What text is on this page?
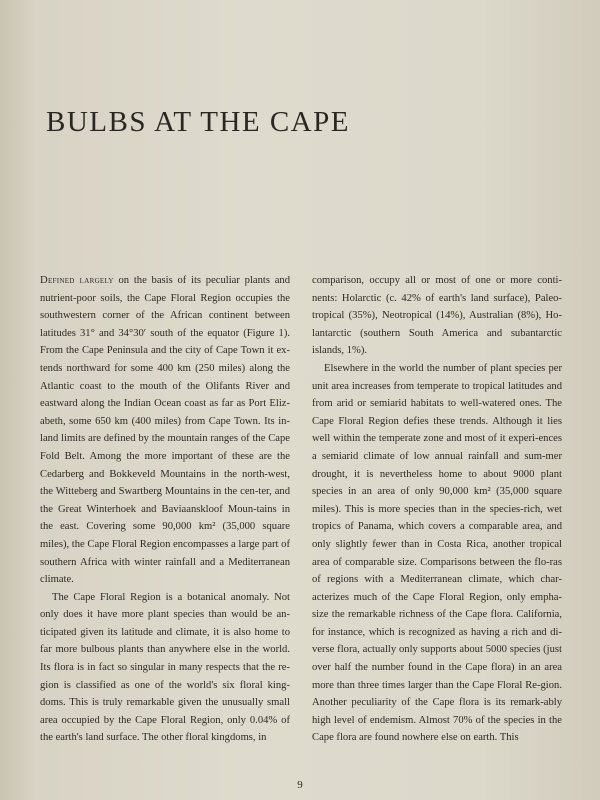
BULBS AT THE CAPE

Defined largely on the basis of its peculiar plants and nutrient-poor soils, the Cape Floral Region occupies the southwestern corner of the African continent between latitudes 31° and 34°30′ south of the equator (Figure 1). From the Cape Peninsula and the city of Cape Town it ex-tends northward for some 400 km (250 miles) along the Atlantic coast to the mouth of the Olifants River and eastward along the Indian Ocean coast as far as Port Eliz-abeth, some 650 km (400 miles) from Cape Town. Its in-land limits are defined by the mountain ranges of the Cape Fold Belt. Among the more important of these are the Cedarberg and Bokkeveld Mountains in the north-west, the Witteberg and Swartberg Mountains in the cen-ter, and the Great Winterhoek and Baviaanskloof Moun-tains in the east. Covering some 90,000 km² (35,000 square miles), the Cape Floral Region encompasses a large part of southern Africa with winter rainfall and a Mediterranean climate.

The Cape Floral Region is a botanical anomaly. Not only does it have more plant species than would be an-ticipated given its latitude and climate, it is also home to far more bulbous plants than anywhere else in the world. Its flora is in fact so singular in many respects that the re-gion is classified as one of the world's six floral king-doms. This is truly remarkable given the unusually small area occupied by the Cape Floral Region, only 0.04% of the earth's land surface. The other floral kingdoms, in

comparison, occupy all or most of one or more conti-nents: Holarctic (c. 42% of earth's land surface), Paleo-tropical (35%), Neotropical (14%), Australian (8%), Ho-lantarctic (southern South America and subantarctic islands, 1%).

Elsewhere in the world the number of plant species per unit area increases from temperate to tropical latitudes and from arid or semiarid habitats to well-watered ones. The Cape Floral Region defies these trends. Although it lies well within the temperate zone and most of it experi-ences a semiarid climate of low annual rainfall and sum-mer drought, it is nevertheless home to about 9000 plant species in an area of only 90,000 km² (35,000 square miles). This is more species than in the species-rich, wet tropics of Panama, which covers a comparable area, and only slightly fewer than in Costa Rica, another tropical area of comparable size. Comparisons between the flo-ras of regions with a Mediterranean climate, which char-acterizes much of the Cape Floral Region, only empha-size the remarkable richness of the Cape flora. California, for instance, which is recognized as having a rich and di-verse flora, actually only supports about 5000 species (just over half the number found in the Cape flora) in an area more than three times larger than the Cape Floral Re-gion. Another peculiarity of the Cape flora is its remark-ably high level of endemism. Almost 70% of the species in the Cape flora are found nowhere else on earth. This

9
